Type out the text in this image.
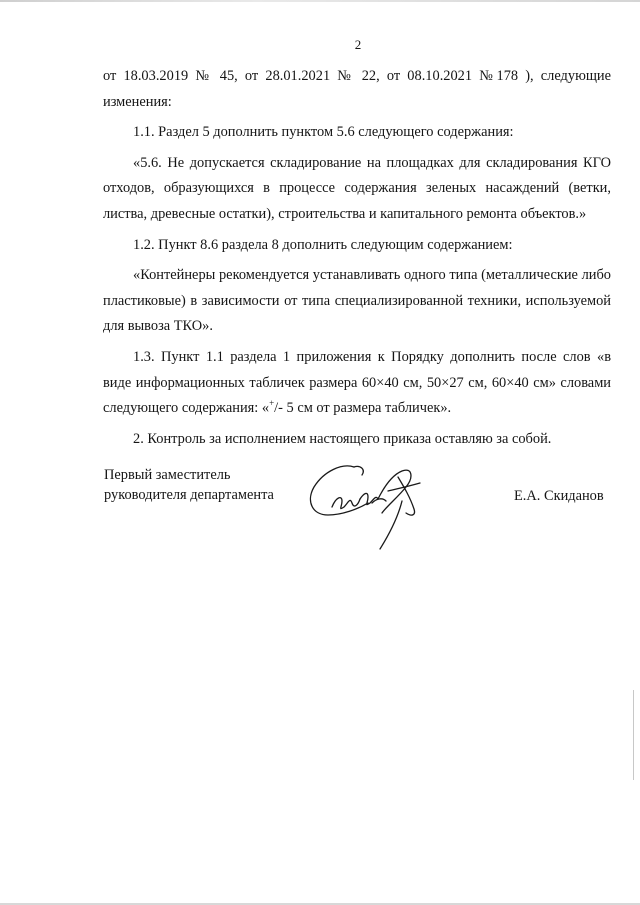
2

от 18.03.2019 № 45, от 28.01.2021 № 22, от 08.10.2021 №178 ), следующие изменения:

1.1. Раздел 5 дополнить пунктом 5.6 следующего содержания:

«5.6. Не допускается складирование на площадках для складирования КГО отходов, образующихся в процессе содержания зеленых насаждений (ветки, листва, древесные остатки), строительства и капитального ремонта объектов.»

1.2. Пункт 8.6 раздела 8 дополнить следующим содержанием:

«Контейнеры рекомендуется устанавливать одного типа (металлические либо пластиковые) в зависимости от типа специализированной техники, используемой для вывоза ТКО».

1.3. Пункт 1.1 раздела 1 приложения к Порядку дополнить после слов «в виде информационных табличек размера 60×40 см, 50×27 см, 60×40 см» словами следующего содержания: «+/- 5 см от размера табличек».

2. Контроль за исполнением настоящего приказа оставляю за собой.

Первый заместитель
руководителя департамента	Е.А. Скиданов
